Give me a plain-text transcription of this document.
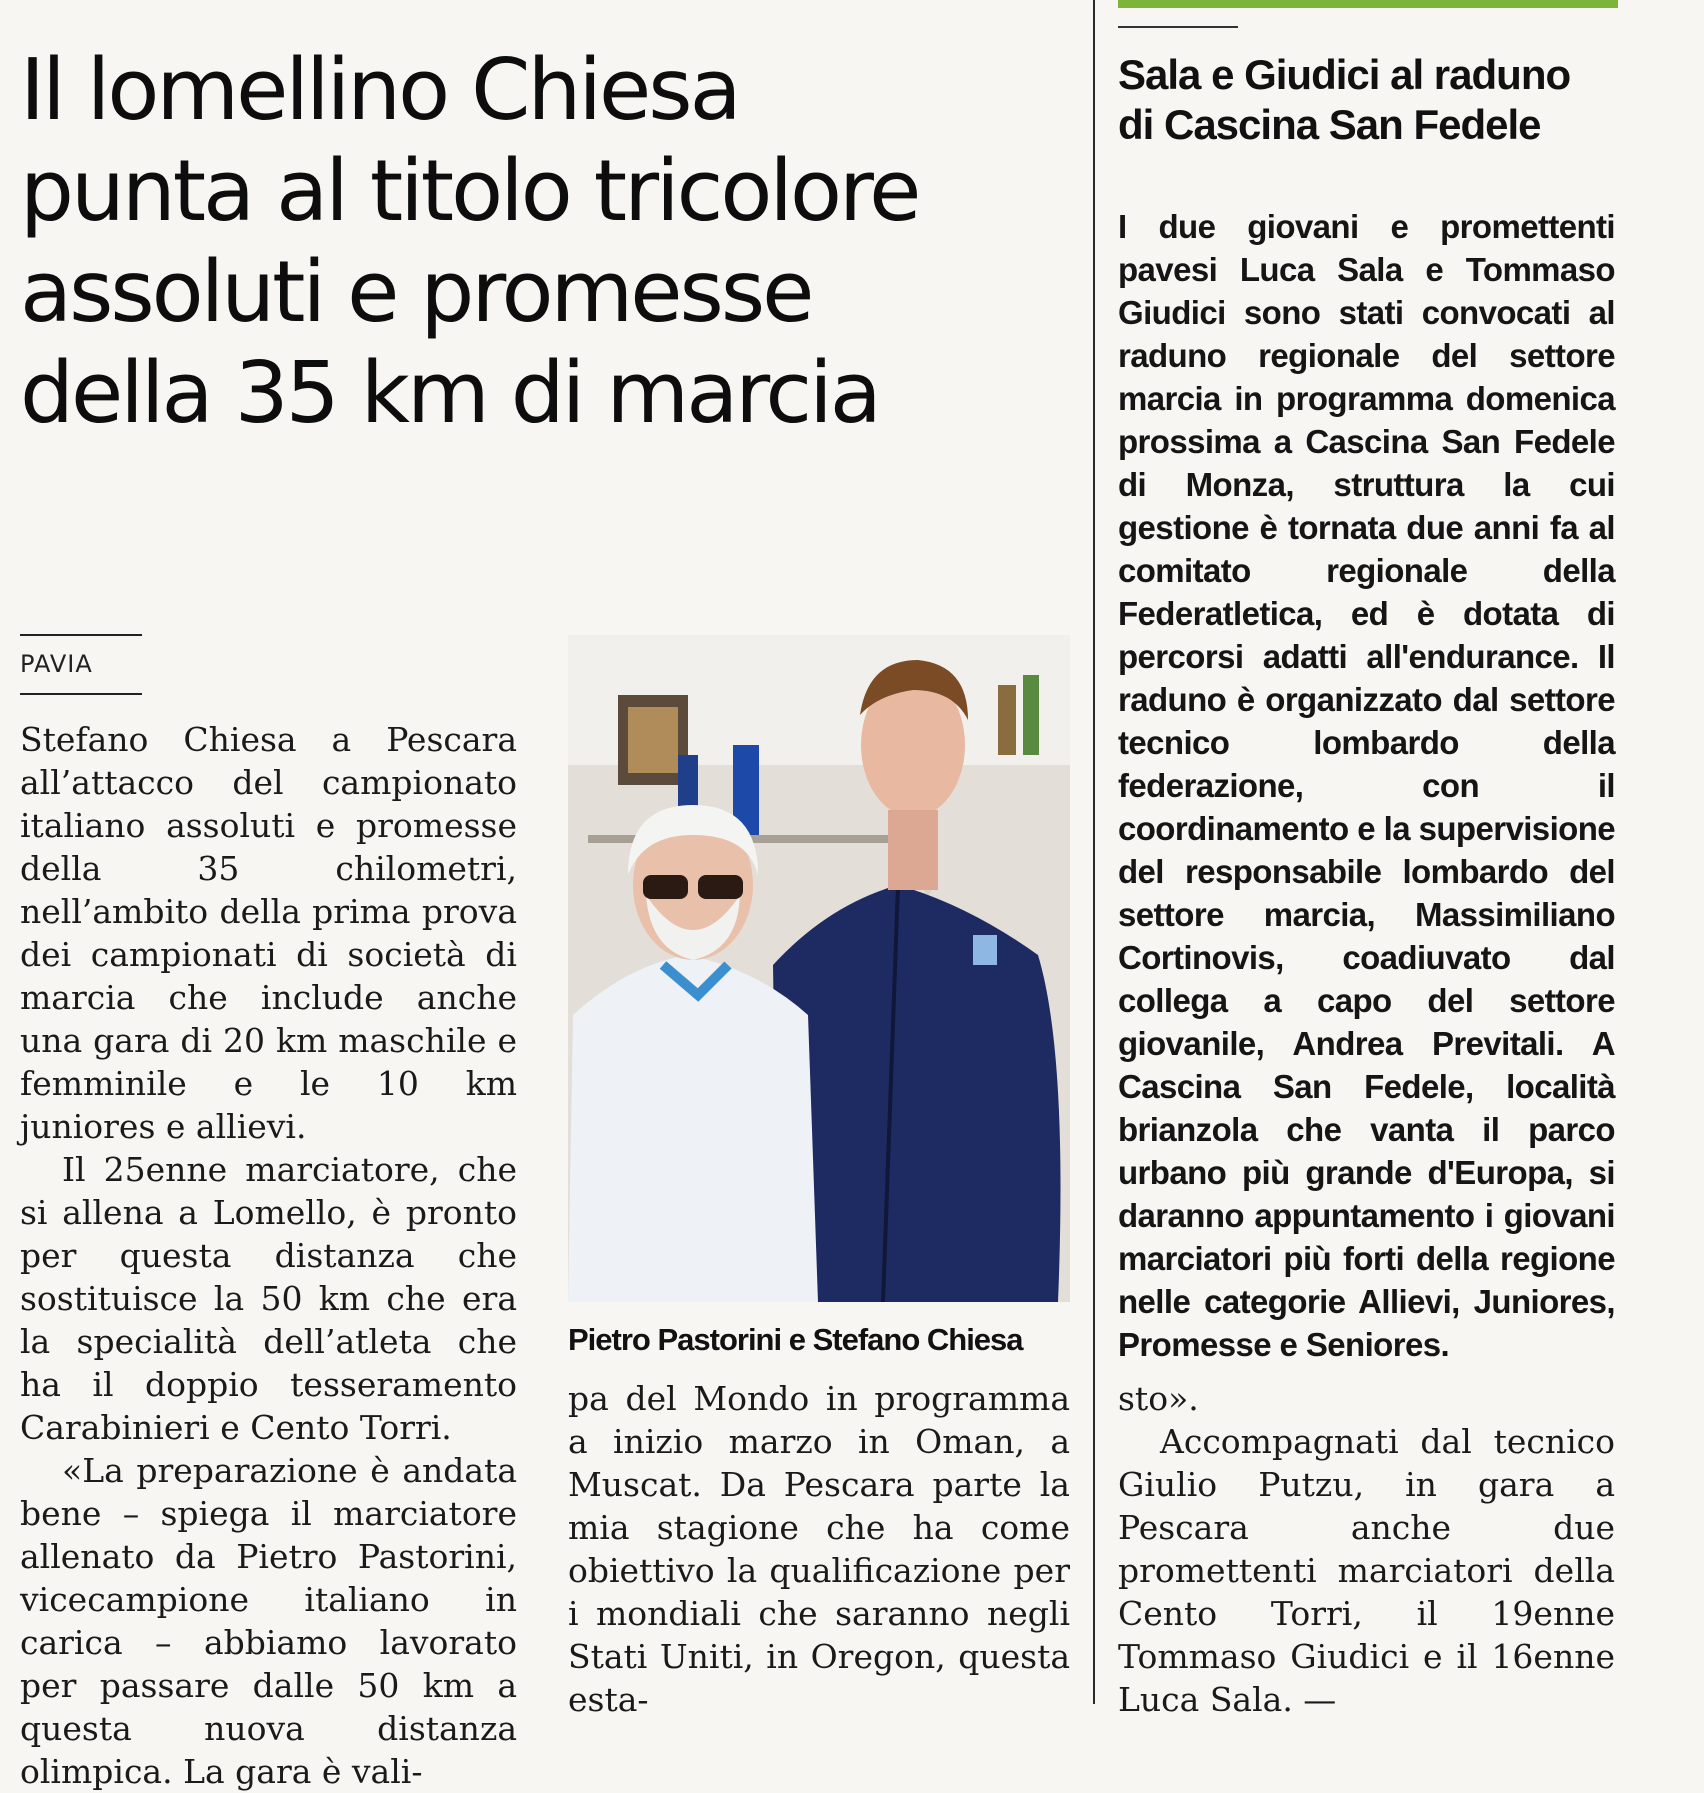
Il lomellino Chiesa
punta al titolo tricolore
assoluti e promesse
della 35 km di marcia
PAVIA

Stefano Chiesa a Pescara all’attacco del campionato italiano assoluti e promesse della 35 chilometri, nell’ambito della prima prova dei campionati di società di marcia che include anche una gara di 20 km maschile e femminile e le 10 km juniores e allievi.

Il 25enne marciatore, che si allena a Lomello, è pronto per questa distanza che sostituisce la 50 km che era la specialità dell’atleta che ha il doppio tesseramento Carabinieri e Cento Torri.

«La preparazione è andata bene – spiega il marciatore allenato da Pietro Pastorini, vicecampione italiano in carica – abbiamo lavorato per passare dalle 50 km a questa nuova distanza olimpica. La gara è vali-

Pietro Pastorini e Stefano Chiesa

pa del Mondo in programma a inizio marzo in Oman, a Muscat. Da Pescara parte la mia stagione che ha come obiettivo la qualificazione per i mondiali che saranno negli Stati Uniti, in Oregon, questa esta-

sto».

Accompagnati dal tecnico Giulio Putzu, in gara a Pescara anche due promettenti marciatori della Cento Torri, il 19enne Tommaso Giudici e il 16enne Luca Sala. —

Sala e Giudici al raduno
di Cascina San Fedele
I due giovani e promettenti pavesi Luca Sala e Tommaso Giudici sono stati convocati al raduno regionale del settore marcia in programma domenica prossima a Cascina San Fedele di Monza, struttura la cui gestione è tornata due anni fa al comitato regionale della Federatletica, ed è dotata di percorsi adatti all'endurance. Il raduno è organizzato dal settore tecnico lombardo della federazione, con il coordinamento e la supervisione del responsabile lombardo del settore marcia, Massimiliano Cortinovis, coadiuvato dal collega a capo del settore giovanile, Andrea Previtali. A Cascina San Fedele, località brianzola che vanta il parco urbano più grande d'Europa, si daranno appuntamento i giovani marciatori più forti della regione nelle categorie Allievi, Juniores, Promesse e Seniores.
